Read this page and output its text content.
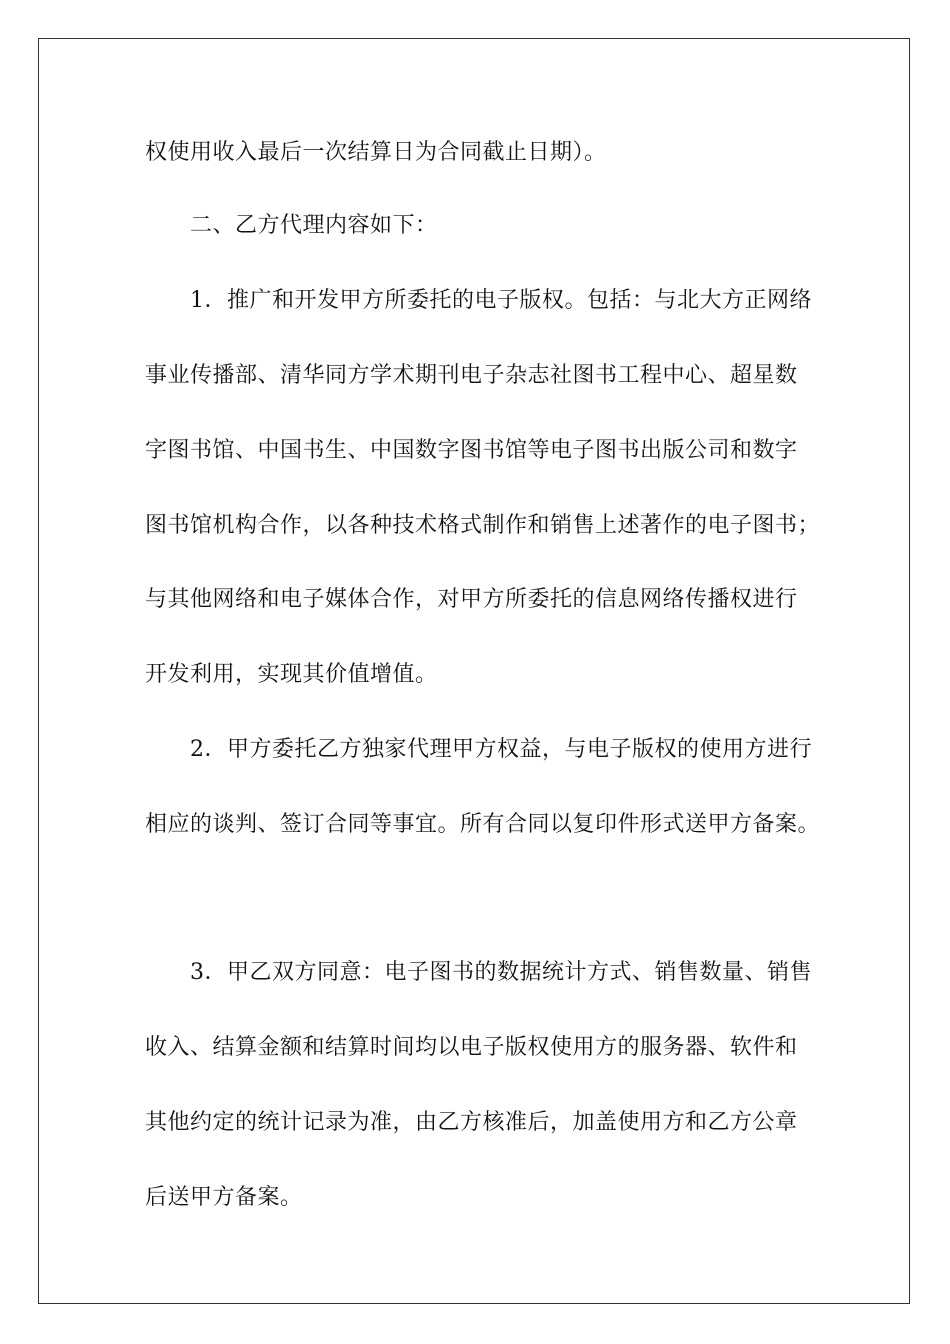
权使用收入最后一次结算日为合同截止日期）。
二、乙方代理内容如下：
1．推广和开发甲方所委托的电子版权。包括：与北大方正网络
事业传播部、清华同方学术期刊电子杂志社图书工程中心、超星数
字图书馆、中国书生、中国数字图书馆等电子图书出版公司和数字
图书馆机构合作，以各种技术格式制作和销售上述著作的电子图书；
与其他网络和电子媒体合作，对甲方所委托的信息网络传播权进行
开发利用，实现其价值增值。
2．甲方委托乙方独家代理甲方权益，与电子版权的使用方进行
相应的谈判、签订合同等事宜。所有合同以复印件形式送甲方备案。
3．甲乙双方同意：电子图书的数据统计方式、销售数量、销售
收入、结算金额和结算时间均以电子版权使用方的服务器、软件和
其他约定的统计记录为准，由乙方核准后，加盖使用方和乙方公章
后送甲方备案。
